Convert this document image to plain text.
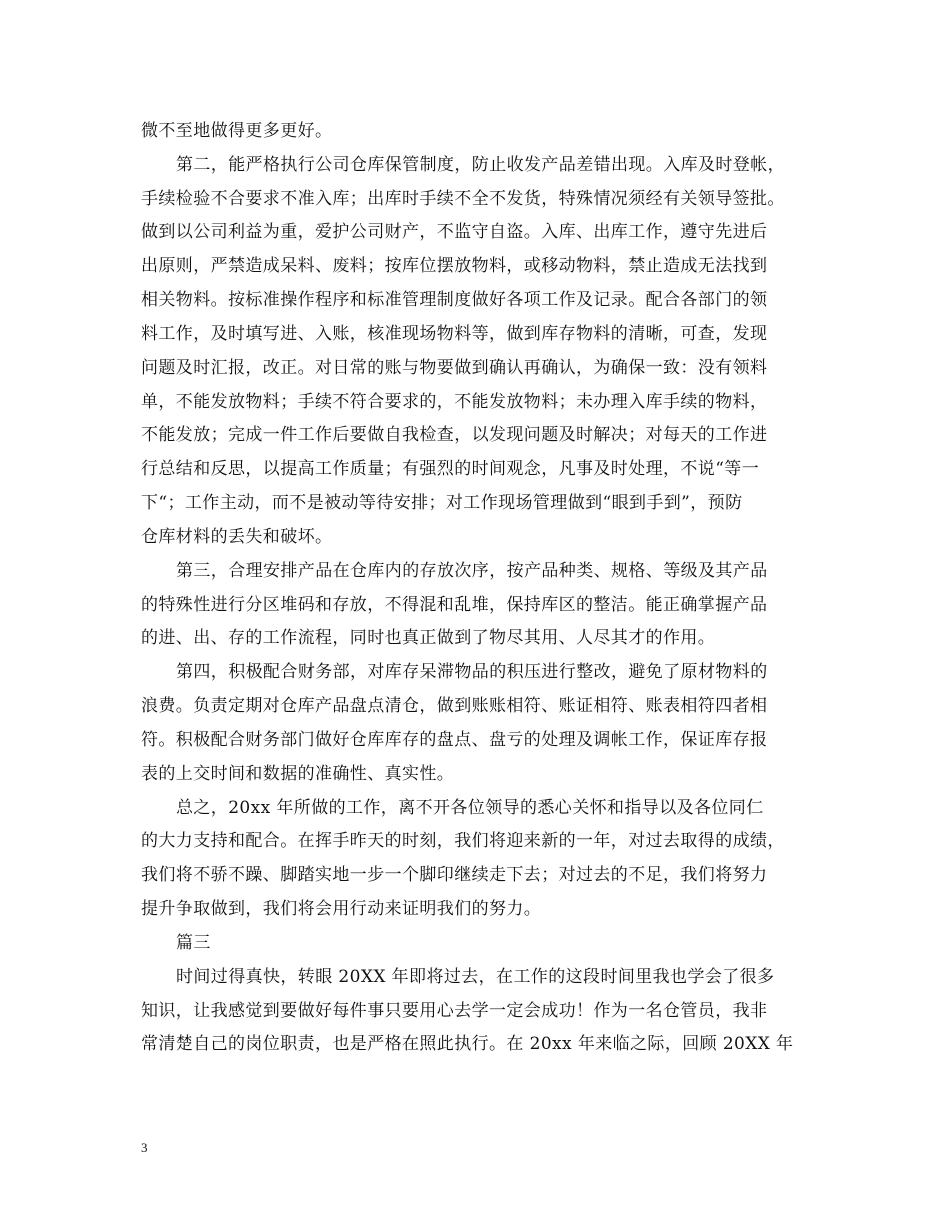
微不至地做得更多更好。
第二，能严格执行公司仓库保管制度，防止收发产品差错出现。入库及时登帐，
手续检验不合要求不准入库；出库时手续不全不发货，特殊情况须经有关领导签批。
做到以公司利益为重，爱护公司财产，不监守自盗。入库、出库工作，遵守先进后
出原则，严禁造成呆料、废料；按库位摆放物料，或移动物料，禁止造成无法找到
相关物料。按标准操作程序和标准管理制度做好各项工作及记录。配合各部门的领
料工作，及时填写进、入账，核准现场物料等，做到库存物料的清晰，可查，发现
问题及时汇报，改正。对日常的账与物要做到确认再确认，为确保一致：没有领料
单，不能发放物料；手续不符合要求的，不能发放物料；未办理入库手续的物料，
不能发放；完成一件工作后要做自我检查，以发现问题及时解决；对每天的工作进
行总结和反思，以提高工作质量；有强烈的时间观念，凡事及时处理，不说“等一
下“；工作主动，而不是被动等待安排；对工作现场管理做到“眼到手到”，预防
仓库材料的丢失和破坏。
第三，合理安排产品在仓库内的存放次序，按产品种类、规格、等级及其产品
的特殊性进行分区堆码和存放，不得混和乱堆，保持库区的整洁。能正确掌握产品
的进、出、存的工作流程，同时也真正做到了物尽其用、人尽其才的作用。
第四，积极配合财务部，对库存呆滞物品的积压进行整改，避免了原材物料的
浪费。负责定期对仓库产品盘点清仓，做到账账相符、账证相符、账表相符四者相
符。积极配合财务部门做好仓库库存的盘点、盘亏的处理及调帐工作，保证库存报
表的上交时间和数据的准确性、真实性。
总之，20xx 年所做的工作，离不开各位领导的悉心关怀和指导以及各位同仁
的大力支持和配合。在挥手昨天的时刻，我们将迎来新的一年，对过去取得的成绩，
我们将不骄不躁、脚踏实地一步一个脚印继续走下去；对过去的不足，我们将努力
提升争取做到，我们将会用行动来证明我们的努力。
篇三
时间过得真快，转眼 20XX 年即将过去，在工作的这段时间里我也学会了很多
知识，让我感觉到要做好每件事只要用心去学一定会成功！作为一名仓管员，我非
常清楚自己的岗位职责，也是严格在照此执行。在 20xx 年来临之际，回顾 20XX 年
3
